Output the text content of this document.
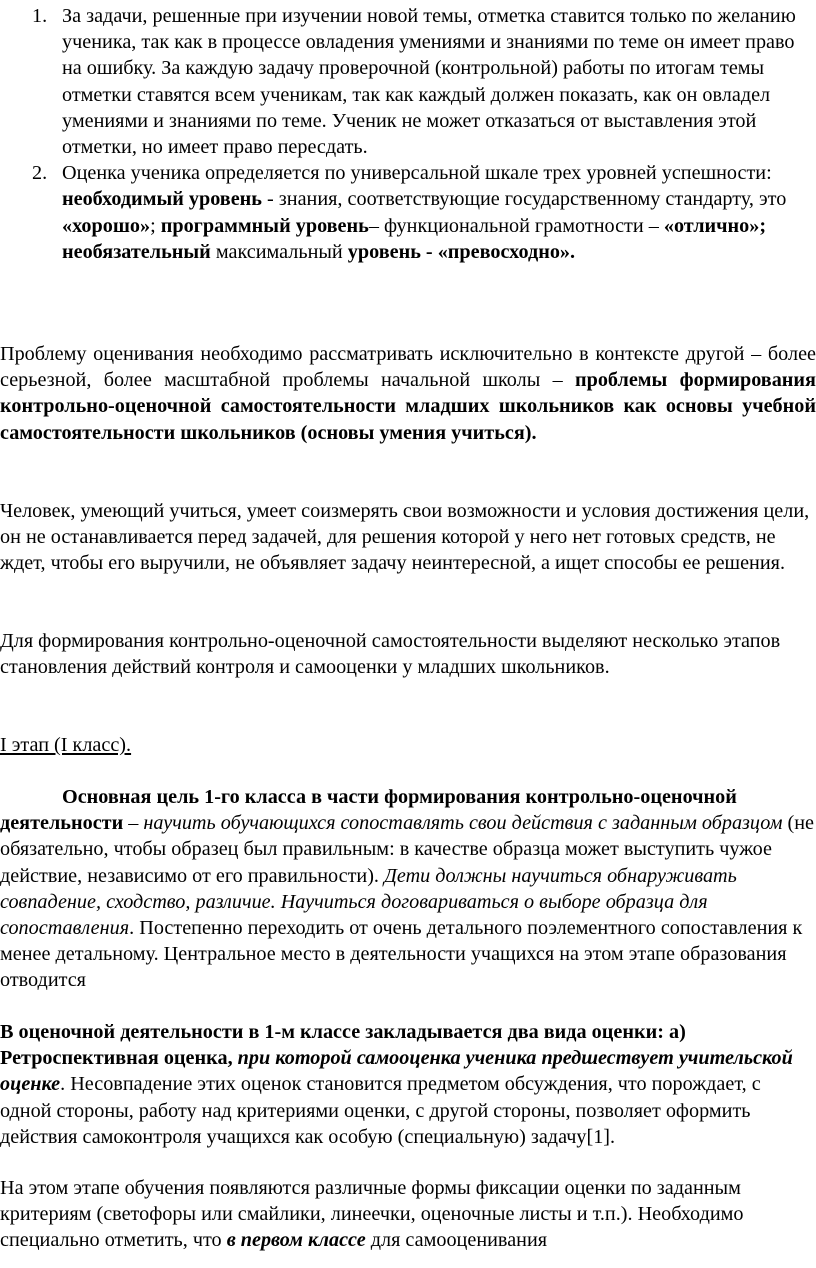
1. За задачи, решенные при изучении новой темы, отметка ставится только по желанию ученика, так как в процессе овладения умениями и знаниями по теме он имеет право на ошибку. За каждую задачу проверочной (контрольной) работы по итогам темы отметки ставятся всем ученикам, так как каждый должен показать, как он овладел умениями и знаниями по теме. Ученик не может отказаться от выставления этой отметки, но имеет право пересдать.
2. Оценка ученика определяется по универсальной шкале трех уровней успешности: необходимый уровень - знания, соответствующие государственному стандарту, это «хорошо»; программный уровень– функциональной грамотности – «отлично»; необязательный максимальный уровень - «превосходно».

Проблему оценивания необходимо рассматривать исключительно в контексте другой – более серьезной, более масштабной проблемы начальной школы – проблемы формирования контрольно-оценочной самостоятельности младших школьников как основы учебной самостоятельности школьников (основы умения учиться).

Человек, умеющий учиться, умеет соизмерять свои возможности и условия достижения цели, он не останавливается перед задачей, для решения которой у него нет готовых средств, не ждет, чтобы его выручили, не объявляет задачу неинтересной, а ищет способы ее решения.

Для формирования контрольно-оценочной самостоятельности выделяют несколько этапов становления действий контроля и самооценки у младших школьников.

I этап (I класс).

Основная цель 1-го класса в части формирования контрольно-оценочной деятельности – научить обучающихся сопоставлять свои действия с заданным образцом (не обязательно, чтобы образец был правильным: в качестве образца может выступить чужое действие, независимо от его правильности). Дети должны научиться обнаруживать совпадение, сходство, различие. Научиться договариваться о выборе образца для сопоставления. Постепенно переходить от очень детального поэлементного сопоставления к менее детальному. Центральное место в деятельности учащихся на этом этапе образования отводится

В оценочной деятельности в 1-м классе закладывается два вида оценки: а) Ретроспективная оценка, при которой самооценка ученика предшествует учительской оценке. Несовпадение этих оценок становится предметом обсуждения, что порождает, с одной стороны, работу над критериями оценки, с другой стороны, позволяет оформить действия самоконтроля учащихся как особую (специальную) задачу[1].

На этом этапе обучения появляются различные формы фиксации оценки по заданным критериям (светофоры или смайлики, линеечки, оценочные листы и т.п.). Необходимо специально отметить, что в первом классе для самооценивания
